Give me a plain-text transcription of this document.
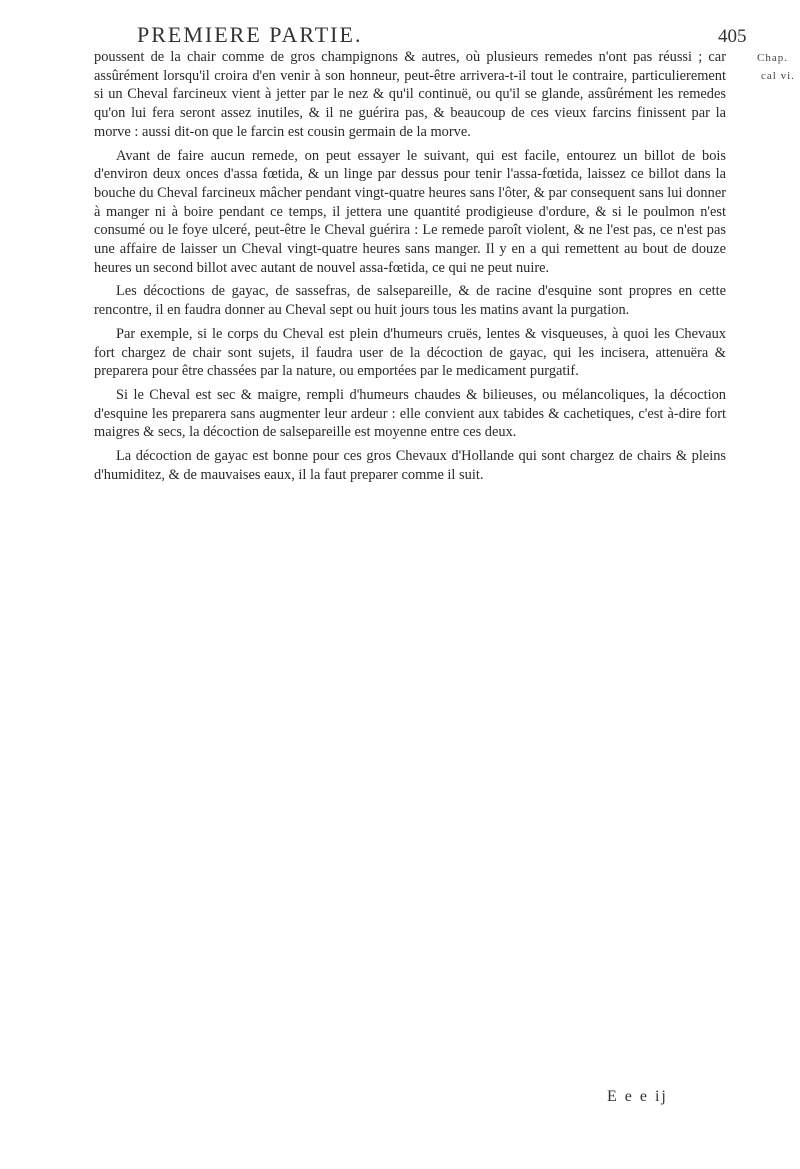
PREMIERE PARTIE.	405
Chap.
cal vi.

poussent de la chair comme de gros champignons & autres, où plusieurs remedes n'ont pas réussi ; car assûrément lorsqu'il croira d'en venir à son honneur, peut-être arrivera-t-il tout le contraire, particulierement si un Cheval farcineux vient à jetter par le nez & qu'il continuë, ou qu'il se glande, assûrément les remedes qu'on lui fera seront assez inutiles, & il ne guérira pas, & beaucoup de ces vieux farcins finissent par la morve : aussi dit-on que le farcin est cousin germain de la morve.

Avant de faire aucun remede, on peut essayer le suivant, qui est facile, entourez un billot de bois d'environ deux onces d'assa fœtida, & un linge par dessus pour tenir l'assa-fœtida, laissez ce billot dans la bouche du Cheval farcineux mâcher pendant vingt-quatre heures sans l'ôter, & par consequent sans lui donner à manger ni à boire pendant ce temps, il jettera une quantité prodigieuse d'ordure, & si le poulmon n'est consumé ou le foye ulceré, peut-être le Cheval guérira : Le remede paroît violent, & ne l'est pas, ce n'est pas une affaire de laisser un Cheval vingt-quatre heures sans manger. Il y en a qui remettent au bout de douze heures un second billot avec autant de nouvel assa-fœtida, ce qui ne peut nuire.

Les décoctions de gayac, de sassefras, de salsepareille, & de racine d'esquine sont propres en cette rencontre, il en faudra donner au Cheval sept ou huit jours tous les matins avant la purgation.

Par exemple, si le corps du Cheval est plein d'humeurs cruës, lentes & visqueuses, à quoi les Chevaux fort chargez de chair sont sujets, il faudra user de la décoction de gayac, qui les incisera, attenuëra & preparera pour être chassées par la nature, ou emportées par le medicament purgatif.

Si le Cheval est sec & maigre, rempli d'humeurs chaudes & bilieuses, ou mélancoliques, la décoction d'esquine les preparera sans augmenter leur ardeur : elle convient aux tabides & cachetiques, c'est à-dire fort maigres & secs, la décoction de salsepareille est moyenne entre ces deux.

La décoction de gayac est bonne pour ces gros Chevaux d'Hollande qui sont chargez de chairs & pleins d'humiditez, & de mauvaises eaux, il la faut preparer comme il suit.

E e e ij
